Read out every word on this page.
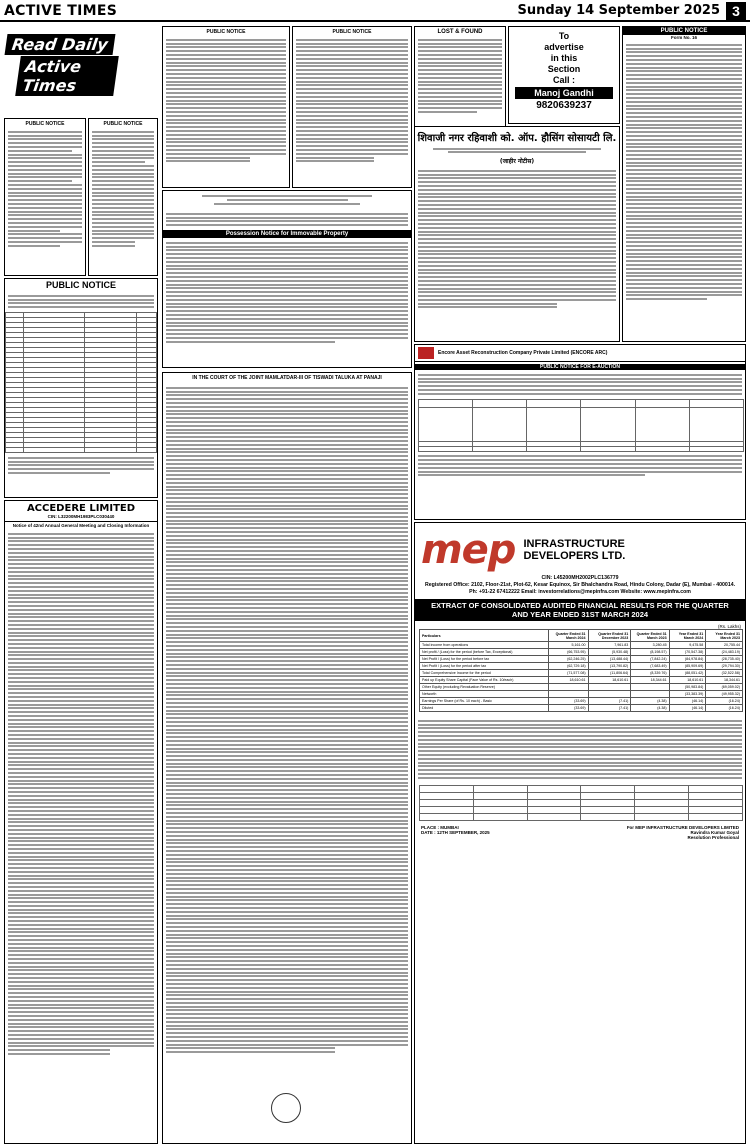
ACTIVE TIMES	Sunday 14 September 2025 3
Read Daily
Active Times
PUBLIC NOTICE	PUBLIC NOTICE
PUBLIC NOTICE

ACCEDERE LIMITED
CIN: L32200MH1983PLC030440
Notice of 42nd Annual General Meeting and Closing Information
PUBLIC NOTICE
Possession Notice for Immovable Property
IN THE COURT OF THE JOINT MAMLATDAR-III OF TISWADI TALUKA AT PANAJI
PUBLIC NOTICE	LOST & FOUND	To
advertise
in this
Section
Call :
Manoj Gandhi
9820639237
PUBLIC NOTICE
Form No. 16
शिवाजी नगर रहिवाशी को. ऑप. हौसिंग सोसायटी लि.
(जाहीर नोटीस)
Encore Asset Reconstruction Company Private Limited (ENCORE ARC)
PUBLIC NOTICE FOR E-AUCTION

mep INFRASTRUCTURE
DEVELOPERS LTD.
CIN: L45200MH2002PLC136779
Registered Office: 2102, Floor-21st, Plot-62, Kesar Equinox, Sir Bhalchandra Road, Hindu Colony, Dadar (E), Mumbai - 400014.
Ph: +91-22 67412222 Email: investorrelations@mepinfra.com Website: www.mepinfra.com
EXTRACT OF CONSOLIDATED AUDITED FINANCIAL RESULTS FOR THE QUARTER AND YEAR ENDED 31ST MARCH 2024
(Rs. Lakhs)
Particulars	Quarter Ended 31 March 2024	Quarter Ended 31 December 2023	Quarter Ended 31 March 2023	Year Ended 31 March 2024	Year Ended 31 March 2023
Total income from operations	5,161.00	7,961.83	3,280.45	9,475.58	20,755.44
Net profit / (Loss) for the period (before Tax, Exceptional)	(66,753.95)	(5,930.48)	(8,198.57)	(70,547.38)	(24,483.19)
Net Profit / (Loss) for the period before tax	(62,246.25)	(13,488.44)	(7,842.24)	(84,978.84)	(28,735.40)
Net Profit / (Loss) for the period after tax	(62,729.18)	(13,790.82)	(7,683.49)	(85,909.69)	(29,794.30)
Total Comprehensive Income for the period	(71,577.08)	(11,806.64)	(8,339.76)	(88,051.42)	(32,522.58)
Paid up Equity Share Capital (Face Value of Rs. 10/each)	18,610.61	18,610.61	18,344.61	18,610.61	18,344.61
Other Equity (excluding Revaluation Reserve)				(50,983.84)	(69,059.02)
Networth				(33,383.39)	(49,955.32)
Earnings Per Share (of Rs. 10 each) - Basic	(33.69)	(7.41)	(4.38)	(46.14)	(16.24)
Diluted	(33.69)	(7.41)	(4.38)	(46.14)	(16.24)

PLACE : MUMBAI
DATE : 12TH SEPTEMBER, 2025
For MEP INFRASTRUCTURE DEVELOPERS LIMITED
Ravindra Kumar Goyal
Resolution Professional
